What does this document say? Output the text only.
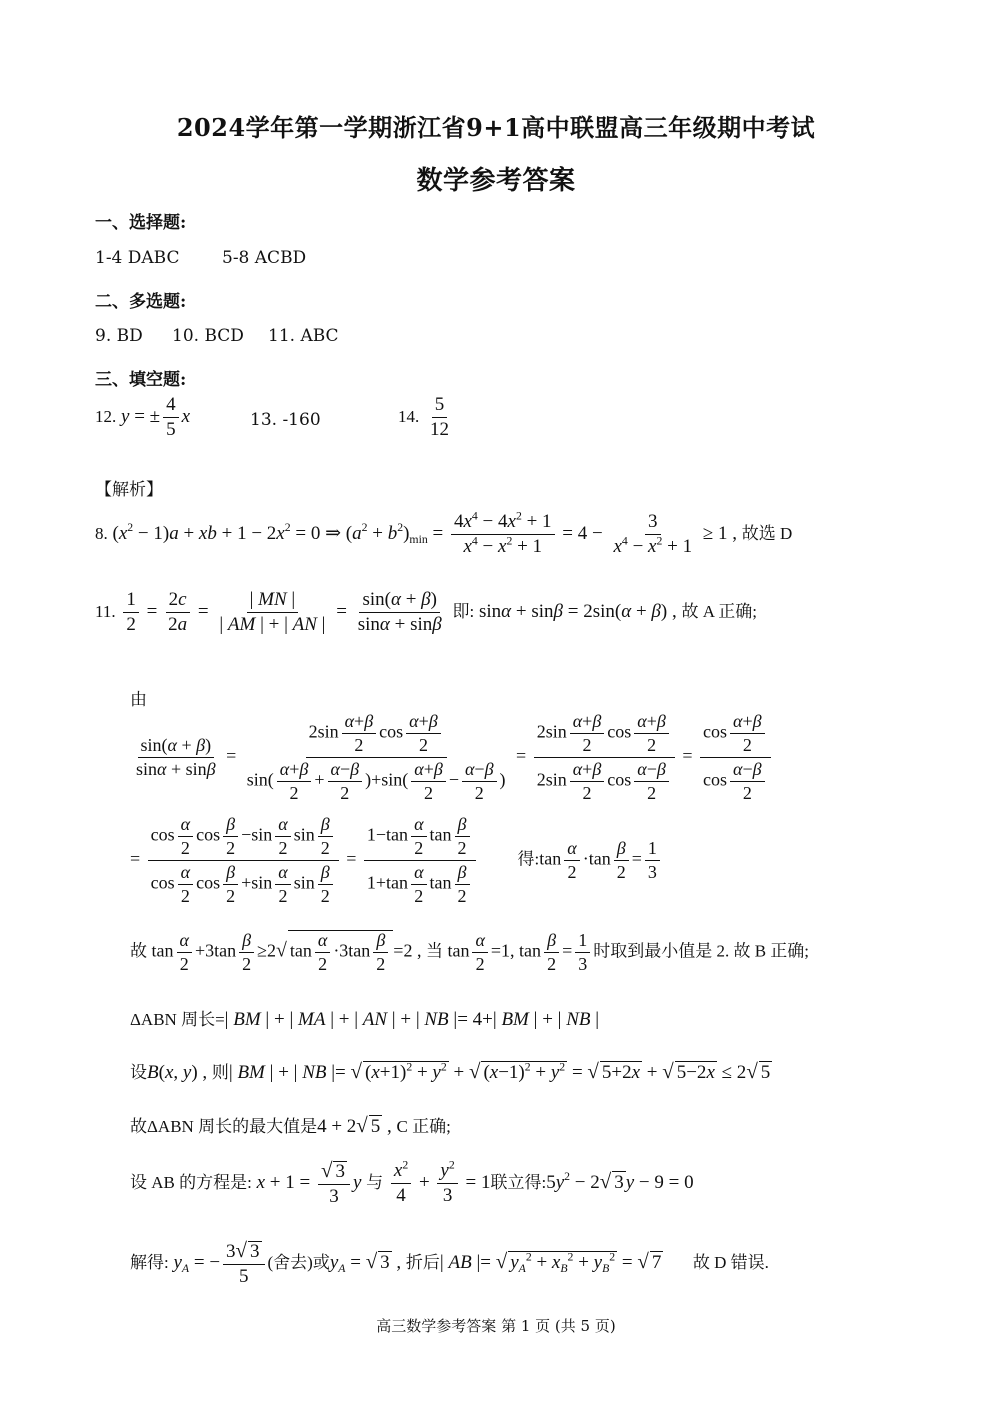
2024学年第一学期浙江省9+1高中联盟高三年级期中考试
数学参考答案
一、选择题:
1-4 DABC 5-8 ACBD
二、多选题:
9. BD 10. BCD 11. ABC
三、填空题:
12. y = ± $\frac{4}{5}$ x	13. -160	14. $\frac{5}{12}$
【解析】
8. $(x^2 - 1)a$ + xb + $1 - 2x^2 = 0$ ⇒ $(a^2 + b^2)_{min} = \frac{4x^4 - 4x^2 + 1}{x^4 - x^2 + 1} = 4 - \frac{3}{x^4 - x^2 + 1} \ge 1$ , 故选 D
11. $\frac{1}{2} = \frac{2c}{2a} = \frac{| MN |}{| AM | + | AN |} = \frac{\sin(\alpha + \beta)}{\sin\alpha + \sin\beta}$ 即: sinα + sinβ = 2sin(α + β) , 故 A 正确;
由
$\frac{\sin(\alpha + \beta)}{\sin\alpha + \sin\beta} = \frac{2\sin \frac{\alpha+\beta}{2} \cos \frac{\alpha+\beta}{2}}{\sin( \frac{\alpha+\beta}{2} + \frac{\alpha-\beta}{2} )+\sin( \frac{\alpha+\beta}{2} - \frac{\alpha-\beta}{2} )} = \frac{2\sin \frac{\alpha+\beta}{2} \cos \frac{\alpha+\beta}{2}}{2\sin \frac{\alpha+\beta}{2} \cos \frac{\alpha-\beta}{2}} = \frac{\cos \frac{\alpha+\beta}{2}}{\cos \frac{\alpha-\beta}{2}}$
= $\frac{\cos \frac{\alpha}{2} \cos \frac{\beta}{2} -\sin \frac{\alpha}{2} \sin \frac{\beta}{2}}{\cos \frac{\alpha}{2} \cos \frac{\beta}{2} +\sin \frac{\alpha}{2} \sin \frac{\beta}{2}} = \frac{1-\tan \frac{\alpha}{2} \tan \frac{\beta}{2}}{1+\tan \frac{\alpha}{2} \tan \frac{\beta}{2}}$ 得:tan $\frac{\alpha}{2} \cdot\tan \frac{\beta}{2} = \frac{1}{3}$
故 $\tan \frac{\alpha}{2} +3\tan \frac{\beta}{2} \ge 2√$ $\tan \frac{\alpha}{2} \cdot 3\tan \frac{\beta}{2} =2$ , 当 $\tan \frac{\alpha}{2} =1$, $\tan \frac{\beta}{2} = \frac{1}{3}$ 时取到最小值是 2. 故 B 正确;
ΔABN 周长=| BM | + | MA | + | AN | + | NB |= 4+| BM | + | NB |
设B(x, y) , 则| BM | + | NB |= √ $(x+1)^2 + y^2$ + √ $(x-1)^2 + y^2$ = √ 5+2x + √ 5−2x ≤ 2√ 5
故ΔABN 周长的最大值是4 + 2√ 5 , C 正确;
设 AB 的方程是: $x + 1 = \frac{√ 3}{3}$ y 与 $\frac{x^2}{4} + \frac{y^2}{3} = 1$联立得$:5y^2 - 2√$ 3 y − 9 = 0
解得: $y_A$ = − $\frac{3√ 3}{5}$ (舍去)或$y_A$ = √ 3 , 折后| AB |= √ $y_A^2 + x_B^2 + y_B^2$ = √ 7 故 D 错误.
高三数学参考答案 第 1 页 (共 5 页)
